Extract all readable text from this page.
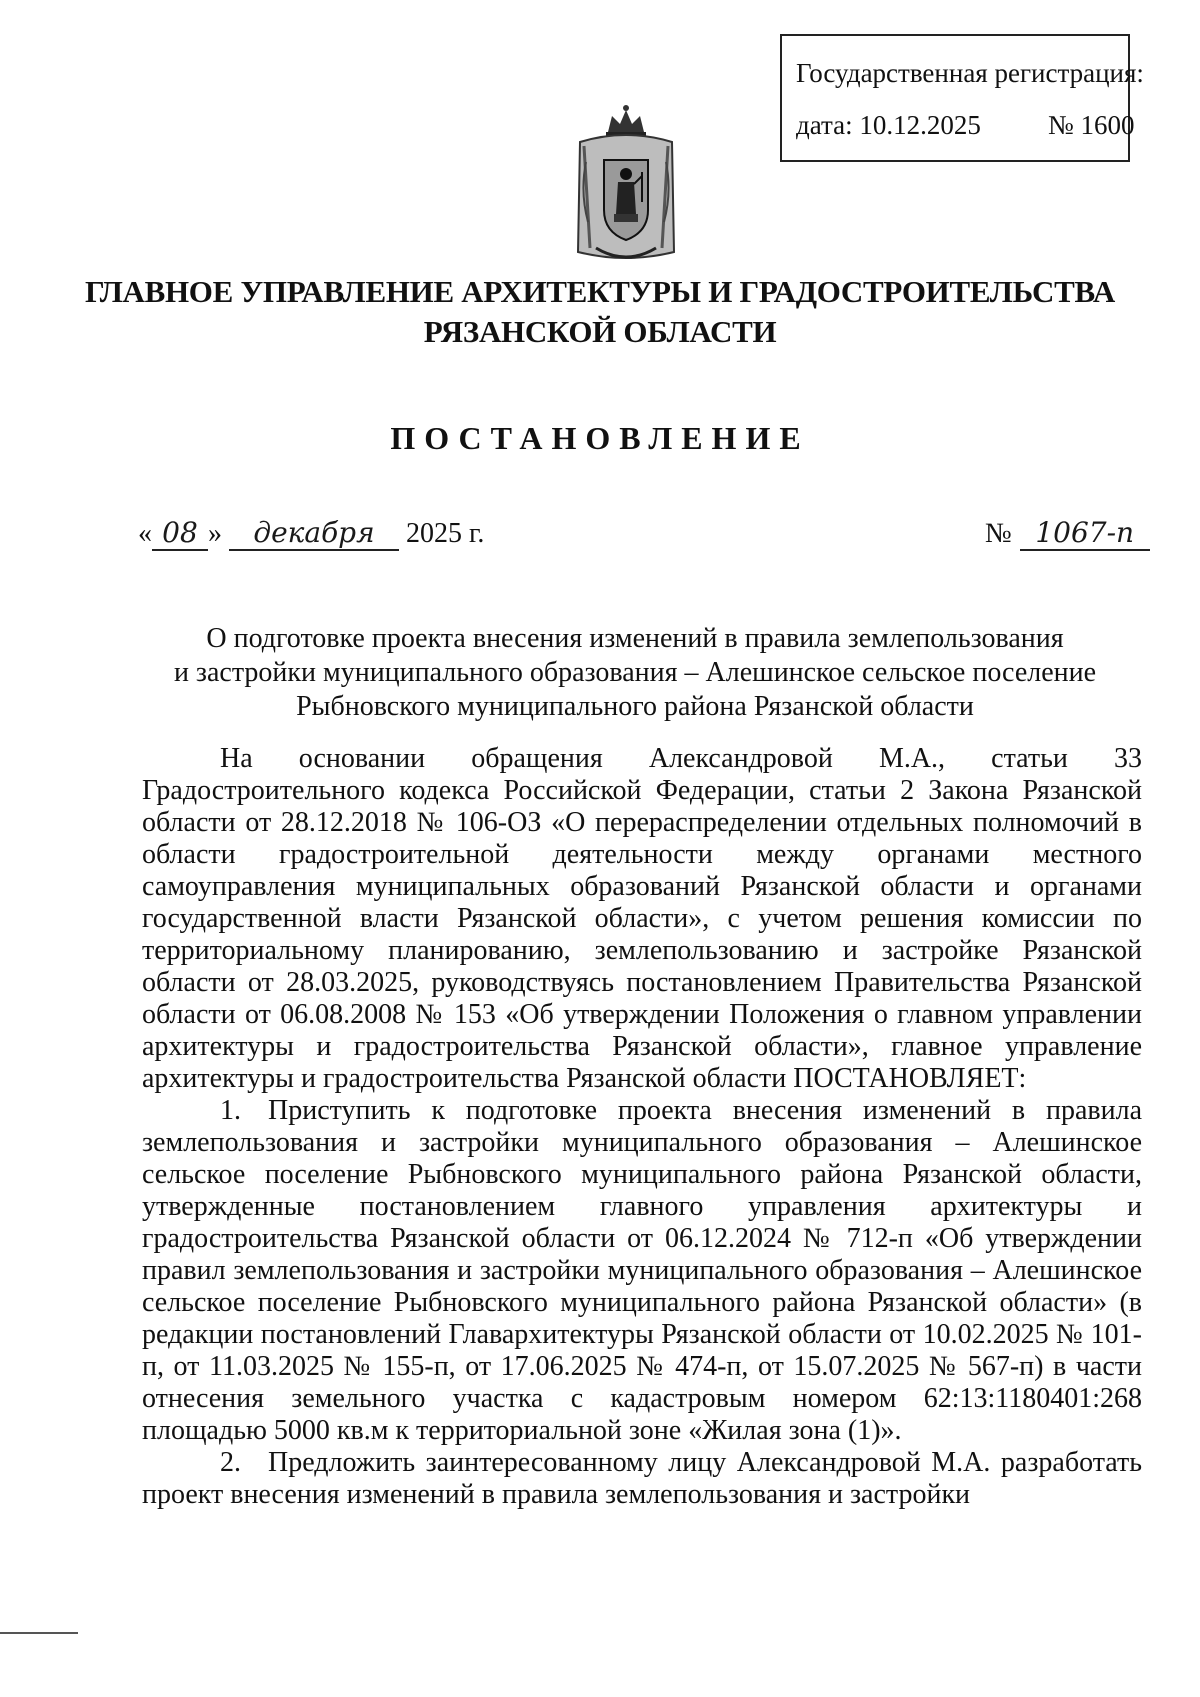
Государственная регистрация:
дата: 10.12.2025 № 1600
ГЛАВНОЕ УПРАВЛЕНИЕ АРХИТЕКТУРЫ И ГРАДОСТРОИТЕЛЬСТВА
РЯЗАНСКОЙ ОБЛАСТИ
ПОСТАНОВЛЕНИЕ
« 08 » декабря 2025 г.	№ 1067-п
О подготовке проекта внесения изменений в правила землепользования
и застройки муниципального образования – Алешинское сельское поселение
Рыбновского муниципального района Рязанской области

На основании обращения Александровой М.А., статьи 33 Градостроительного кодекса Российской Федерации, статьи 2 Закона Рязанской области от 28.12.2018 № 106-ОЗ «О перераспределении отдельных полномочий в области градостроительной деятельности между органами местного самоуправления муниципальных образований Рязанской области и органами государственной власти Рязанской области», с учетом решения комиссии по территориальному планированию, землепользованию и застройке Рязанской области от 28.03.2025, руководствуясь постановлением Правительства Рязанской области от 06.08.2008 № 153 «Об утверждении Положения о главном управлении архитектуры и градостроительства Рязанской области», главное управление архитектуры и градостроительства Рязанской области ПОСТАНОВЛЯЕТ:

1. Приступить к подготовке проекта внесения изменений в правила землепользования и застройки муниципального образования – Алешинское сельское поселение Рыбновского муниципального района Рязанской области, утвержденные постановлением главного управления архитектуры и градостроительства Рязанской области от 06.12.2024 № 712-п «Об утверждении правил землепользования и застройки муниципального образования – Алешинское сельское поселение Рыбновского муниципального района Рязанской области» (в редакции постановлений Главархитектуры Рязанской области от 10.02.2025 № 101-п, от 11.03.2025 № 155-п, от 17.06.2025 № 474-п, от 15.07.2025 № 567-п) в части отнесения земельного участка с кадастровым номером 62:13:1180401:268 площадью 5000 кв.м к территориальной зоне «Жилая зона (1)».

2. Предложить заинтересованному лицу Александровой М.А. разработать проект внесения изменений в правила землепользования и застройки
